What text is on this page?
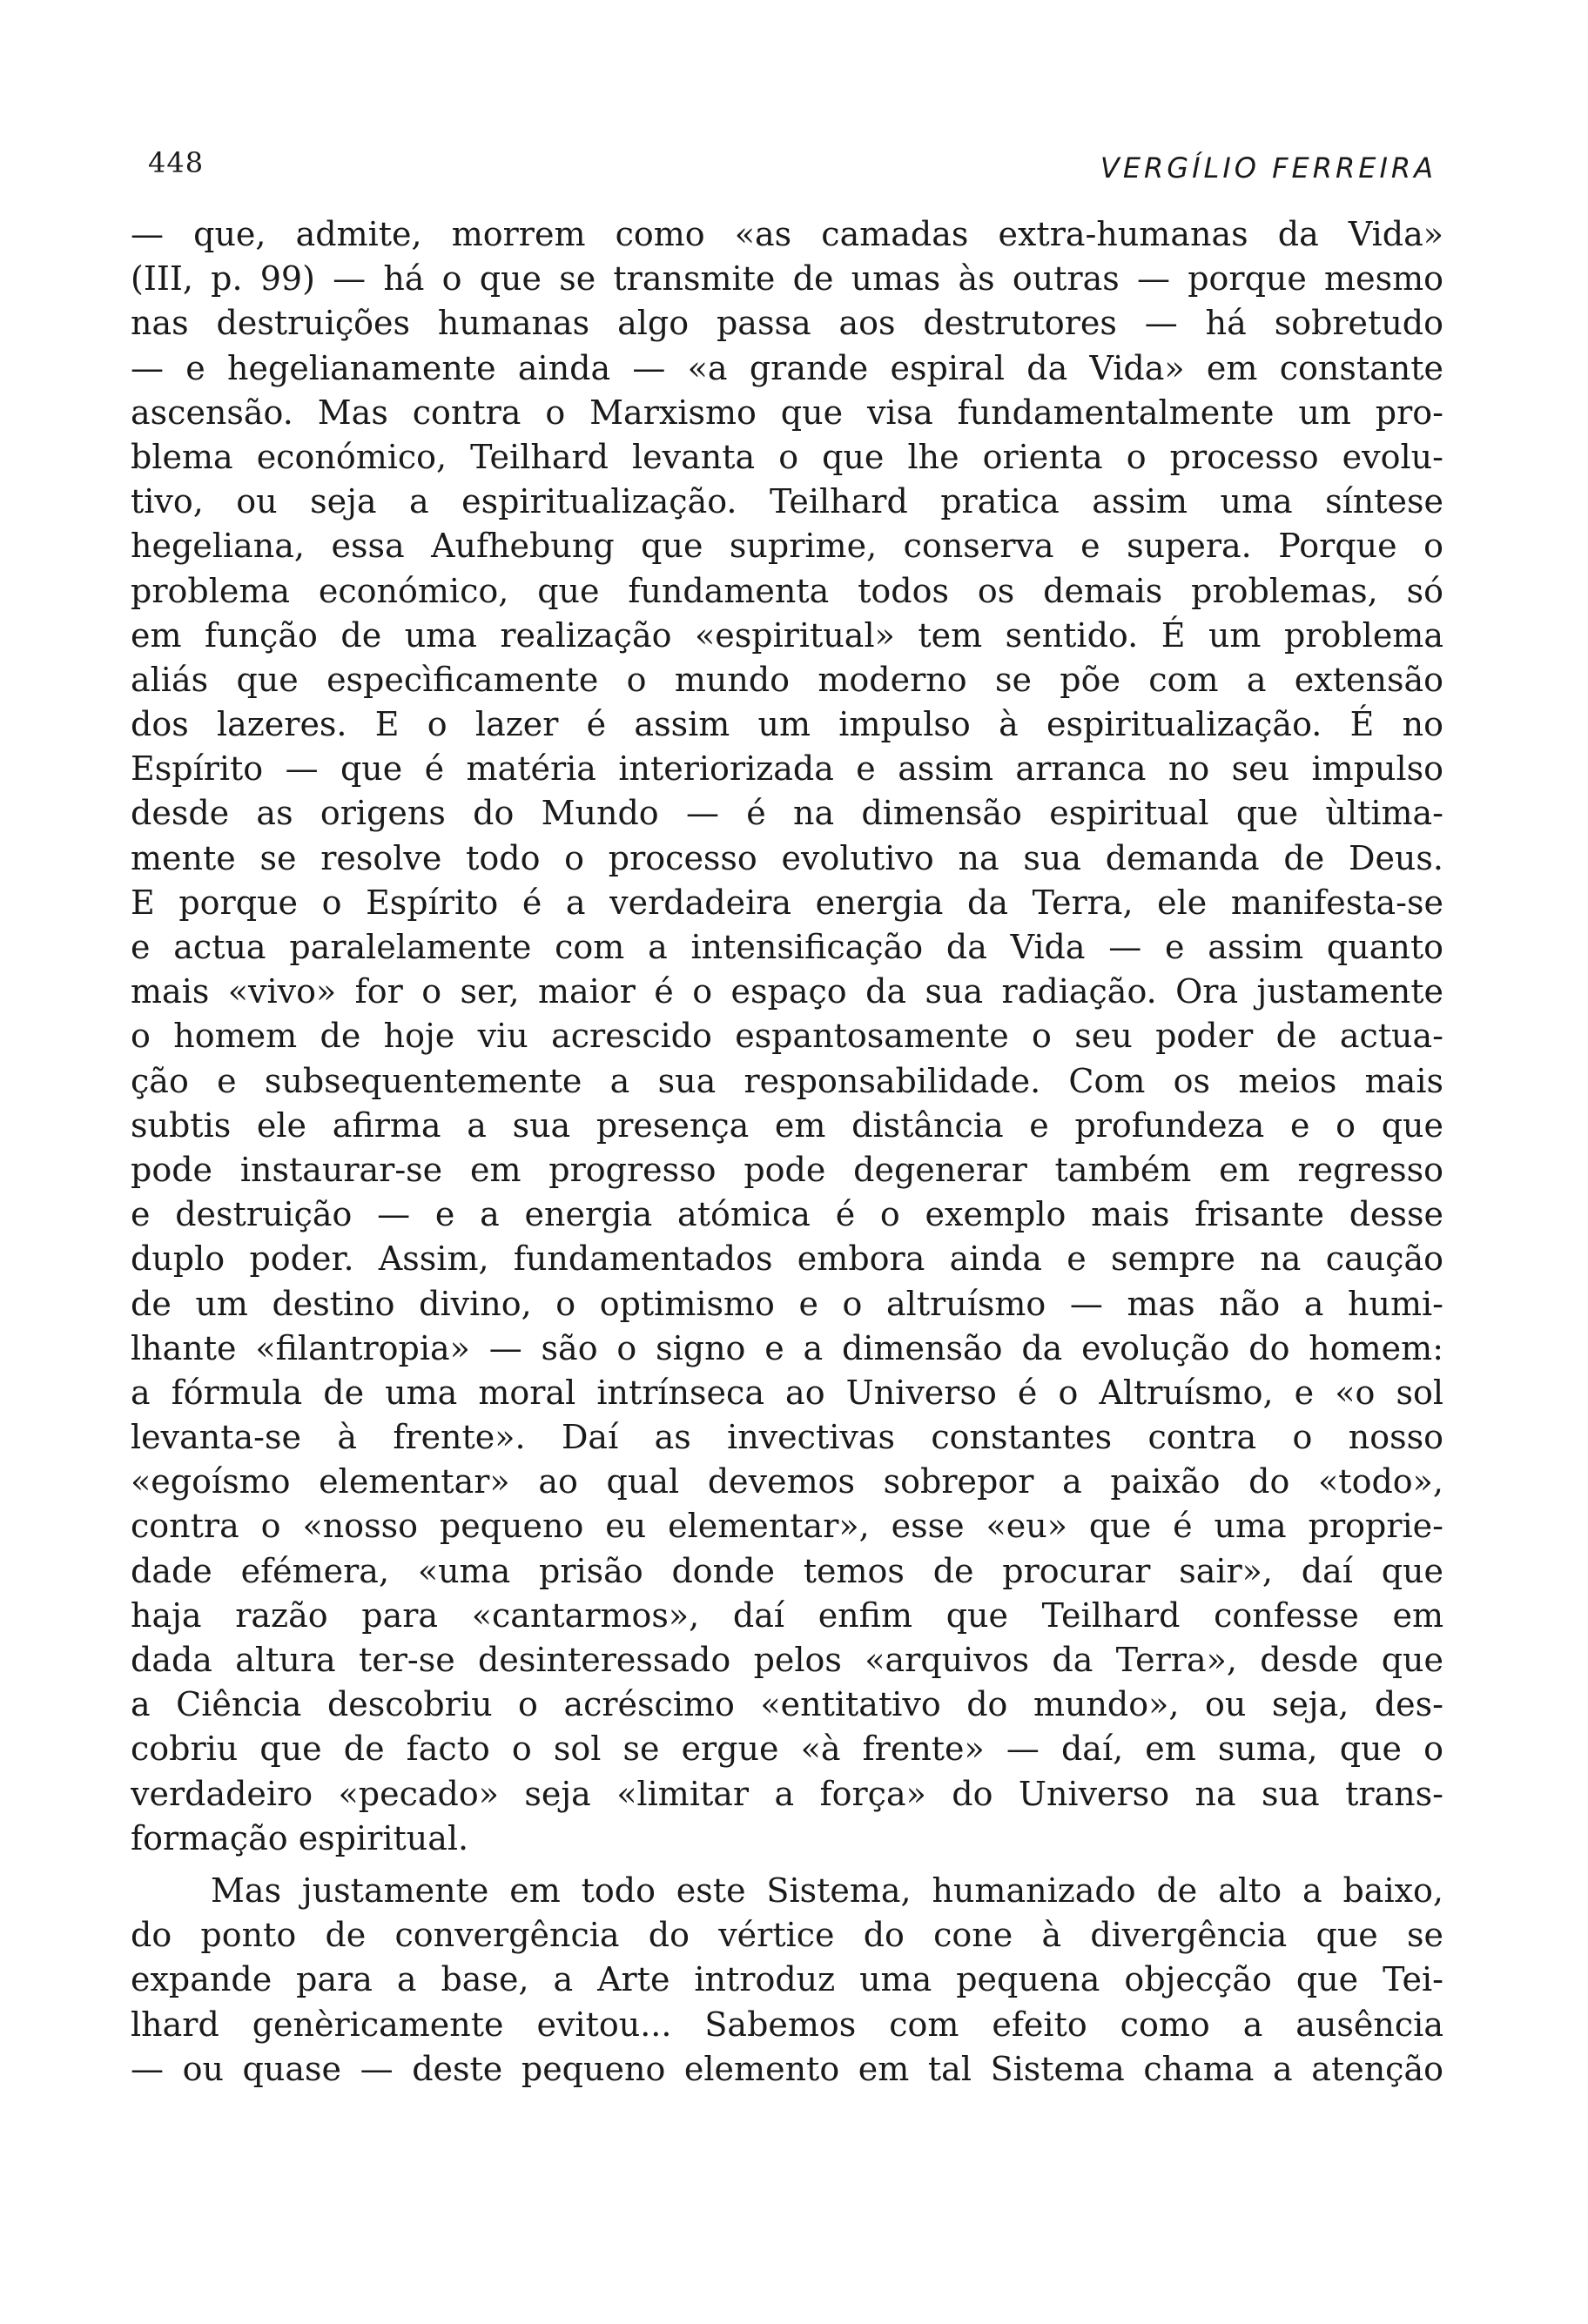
448	VERGÍLIO FERREIRA
— que, admite, morrem como «as camadas extra-humanas da Vida»
(III, p. 99) — há o que se transmite de umas às outras — porque mesmo
nas destruições humanas algo passa aos destrutores — há sobretudo
— e hegelianamente ainda — «a grande espiral da Vida» em constante
ascensão. Mas contra o Marxismo que visa fundamentalmente um pro-
blema económico, Teilhard levanta o que lhe orienta o processo evolu-
tivo, ou seja a espiritualização. Teilhard pratica assim uma síntese
hegeliana, essa Aufhebung que suprime, conserva e supera. Porque o
problema económico, que fundamenta todos os demais problemas, só
em função de uma realização «espiritual» tem sentido. É um problema
aliás que especìficamente o mundo moderno se põe com a extensão
dos lazeres. E o lazer é assim um impulso à espiritualização. É no
Espírito — que é matéria interiorizada e assim arranca no seu impulso
desde as origens do Mundo — é na dimensão espiritual que ùltima-
mente se resolve todo o processo evolutivo na sua demanda de Deus.
E porque o Espírito é a verdadeira energia da Terra, ele manifesta-se
e actua paralelamente com a intensificação da Vida — e assim quanto
mais «vivo» for o ser, maior é o espaço da sua radiação. Ora justamente
o homem de hoje viu acrescido espantosamente o seu poder de actua-
ção e subsequentemente a sua responsabilidade. Com os meios mais
subtis ele afirma a sua presença em distância e profundeza e o que
pode instaurar-se em progresso pode degenerar também em regresso
e destruição — e a energia atómica é o exemplo mais frisante desse
duplo poder. Assim, fundamentados embora ainda e sempre na caução
de um destino divino, o optimismo e o altruísmo — mas não a humi-
lhante «filantropia» — são o signo e a dimensão da evolução do homem:
a fórmula de uma moral intrínseca ao Universo é o Altruísmo, e «o sol
levanta-se à frente». Daí as invectivas constantes contra o nosso
«egoísmo elementar» ao qual devemos sobrepor a paixão do «todo»,
contra o «nosso pequeno eu elementar», esse «eu» que é uma proprie-
dade efémera, «uma prisão donde temos de procurar sair», daí que
haja razão para «cantarmos», daí enfim que Teilhard confesse em
dada altura ter-se desinteressado pelos «arquivos da Terra», desde que
a Ciência descobriu o acréscimo «entitativo do mundo», ou seja, des-
cobriu que de facto o sol se ergue «à frente» — daí, em suma, que o
verdadeiro «pecado» seja «limitar a força» do Universo na sua trans-
formação espiritual.
Mas justamente em todo este Sistema, humanizado de alto a baixo,
do ponto de convergência do vértice do cone à divergência que se
expande para a base, a Arte introduz uma pequena objecção que Tei-
lhard genèricamente evitou... Sabemos com efeito como a ausência
— ou quase — deste pequeno elemento em tal Sistema chama a atenção
